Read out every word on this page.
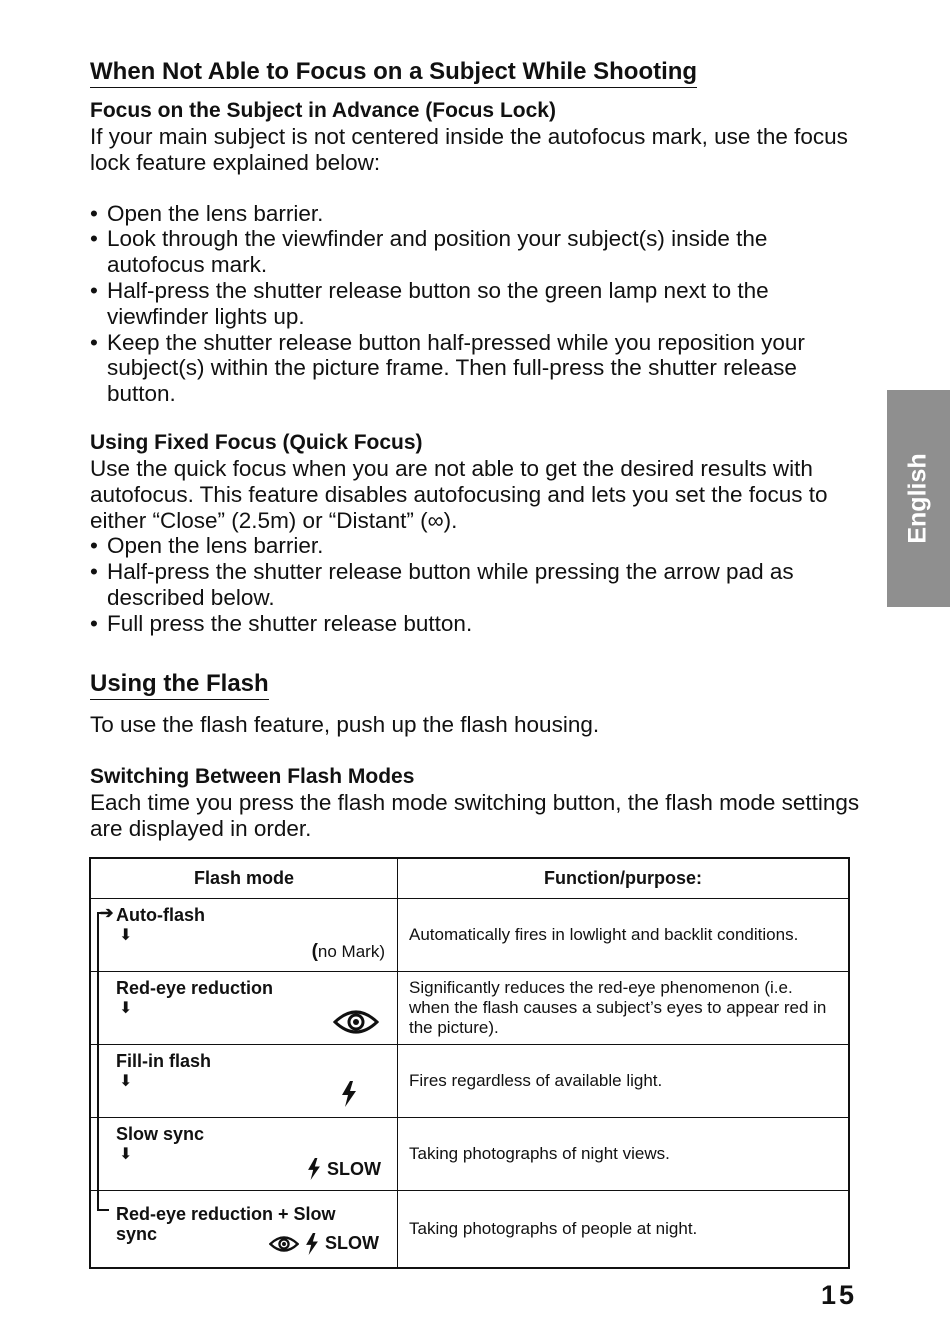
When Not Able to Focus on a Subject While Shooting
Focus on the Subject in Advance (Focus Lock)

If your main subject is not centered inside the autofocus mark, use the focus lock feature explained below:

• Open the lens barrier.
• Look through the viewfinder and position your subject(s) inside the autofocus mark.
• Half-press the shutter release button so the green lamp next to the viewfinder lights up.
• Keep the shutter release button half-pressed while you reposition your subject(s) within the picture frame. Then full-press the shutter release button.
Using Fixed Focus (Quick Focus)

Use the quick focus when you are not able to get the desired results with autofocus. This feature disables autofocusing and lets you set the focus to either “Close” (2.5m) or “Distant” (∞).

• Open the lens barrier.
• Half-press the shutter release button while pressing the arrow pad as described below.
• Full press the shutter release button.
Using the Flash

To use the flash feature, push up the flash housing.

Switching Between Flash Modes

Each time you press the flash mode switching button, the flash mode settings are displayed in order.

Flash mode	Function/purpose:

➔ Auto-flash
⬇
( no Mark)	Automatically fires in lowlight and backlit conditions.

Red-eye reduction
⬇	Significantly reduces the red-eye phenomenon (i.e. when the flash causes a subject’s eyes to appear red in the picture).

Fill-in flash
⬇	Fires regardless of available light.

Slow sync
⬇
SLOW	Taking photographs of night views.

Red-eye reduction + Slow sync SLOW	Taking photographs of people at night.
English
15
